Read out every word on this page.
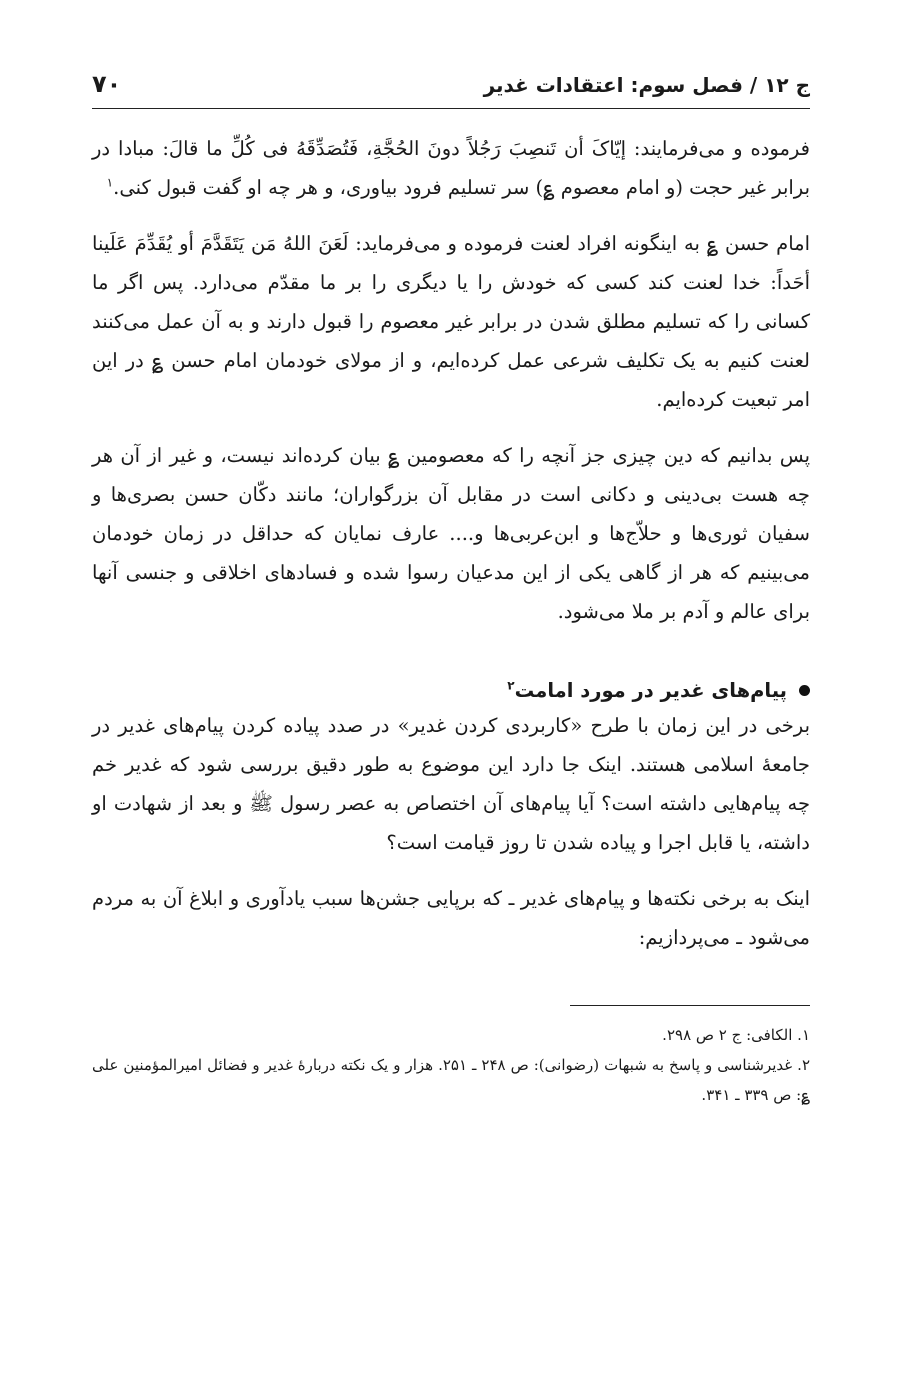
ج ۱۲ / فصل سوم: اعتقادات غدیر
۷۰

فرموده و می‌فرمایند: إیّاکَ أن تَنصِبَ رَجُلاً دونَ الحُجَّةِ، فَتُصَدِّقَهُ فی کُلِّ ما قالَ: مبادا در برابر غیر حجت (و امام معصوم ؏) سر تسلیم فرود بیاوری، و هر چه او گفت قبول کنی.$^۱$

امام حسن ؏ به اینگونه افراد لعنت فرموده و می‌فرماید: لَعَنَ اللهُ مَن یَتَقَدَّمَ أو یُقَدِّمَ عَلَینا أحَداً: خدا لعنت کند کسی که خودش را یا دیگری را بر ما مقدّم می‌دارد. پس اگر ما کسانی را که تسلیم مطلق شدن در برابر غیر معصوم را قبول دارند و به آن عمل می‌کنند لعنت کنیم به یک تکلیف شرعی عمل کرده‌ایم، و از مولای خودمان امام حسن ؏ در این امر تبعیت کرده‌ایم.

پس بدانیم که دین چیزی جز آنچه را که معصومین ؏ بیان کرده‌اند نیست، و غیر از آن هر چه هست بی‌دینی و دکانی است در مقابل آن بزرگواران؛ مانند دکّان حسن بصری‌ها و سفیان ثوری‌ها و حلاّج‌ها و ابن‌عربی‌ها و.... عارف نمایان که حداقل در زمان خودمان می‌بینیم که هر از گاهی یکی از این مدعیان رسوا شده و فسادهای اخلاقی و جنسی آنها برای عالم و آدم بر ملا می‌شود.

پیام‌های غدیر در مورد امامت$^۲$

برخی در این زمان با طرح «کاربردی کردن غدیر» در صدد پیاده کردن پیام‌های غدیر در جامعهٔ اسلامی هستند. اینک جا دارد این موضوع به طور دقیق بررسی شود که غدیر خم چه پیام‌هایی داشته است؟ آیا پیام‌های آن اختصاص به عصر رسول ﷺ و بعد از شهادت او داشته، یا قابل اجرا و پیاده شدن تا روز قیامت است؟

اینک به برخی نکته‌ها و پیام‌های غدیر ـ که برپایی جشن‌ها سبب یادآوری و ابلاغ آن به مردم می‌شود ـ می‌پردازیم:

۱. الکافی: ج ۲ ص ۲۹۸.

۲. غدیرشناسی و پاسخ به شبهات (رضوانی): ص ۲۴۸ ـ ۲۵۱. هزار و یک نکته دربارهٔ غدیر و فضائل امیرالمؤمنین علی ؏: ص ۳۳۹ ـ ۳۴۱.
